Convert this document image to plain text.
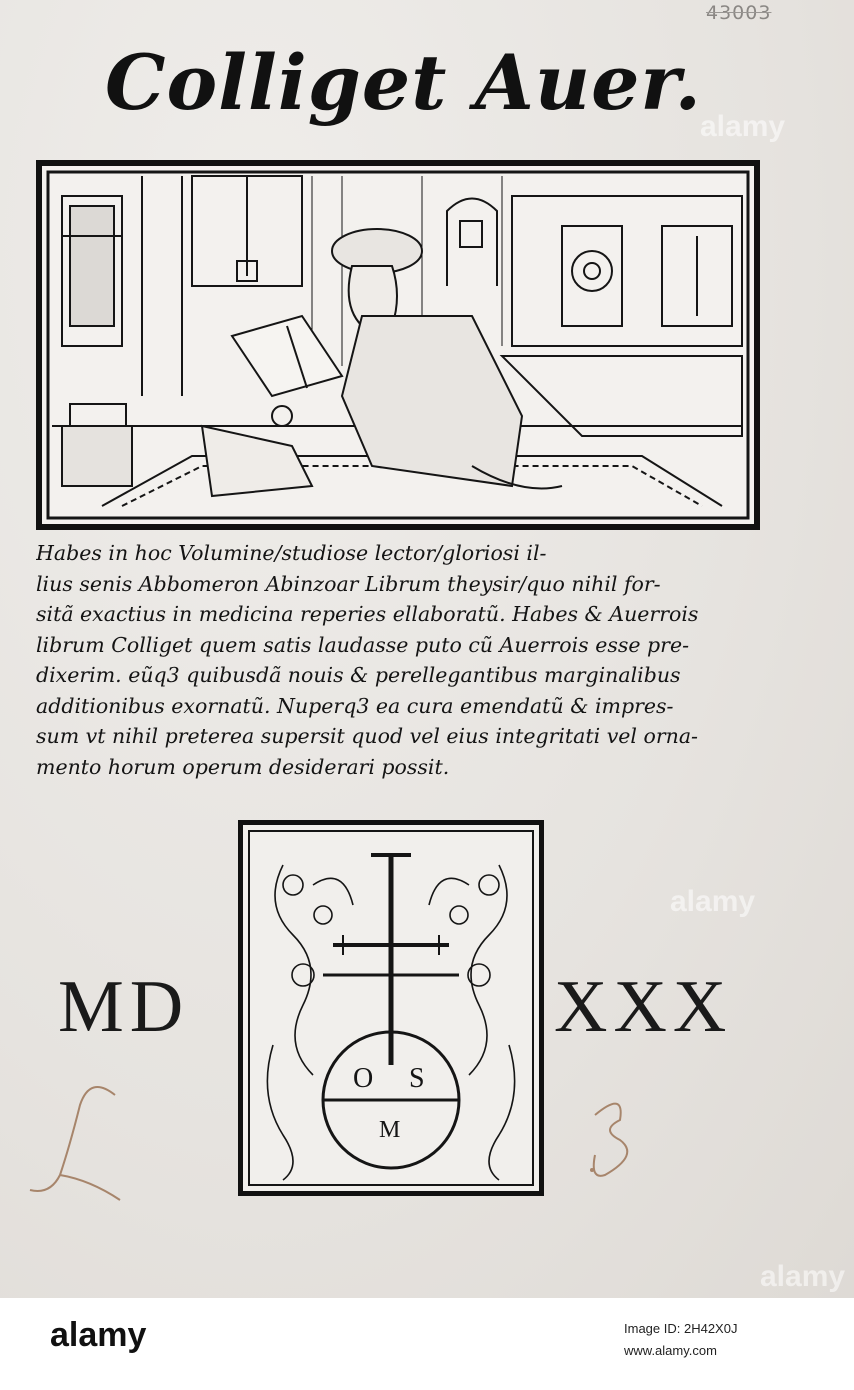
43003
Colliget Auer.
alamy
Habes in hoc Volumine/studiose lector/gloriosi il-
lius senis Abbomeron Abinzoar Librum theysir/quo nihil for-
sitã exactius in medicina reperies ellaboratũ. Habes & Auerrois
librum Colliget quem satis laudasse puto cũ Auerrois esse pre-
dixerim. eũq3 quibusdã nouis & perellegantibus marginalibus
additionibus exornatũ. Nuperq3 ea cura emendatũ & impres-
sum vt nihil preterea supersit quod vel eius integritati vel orna-
mento horum operum desiderari possit.
O S
M
MD	XXX
alamy
alamy
alamy	Image ID: 2H42X0J
www.alamy.com
